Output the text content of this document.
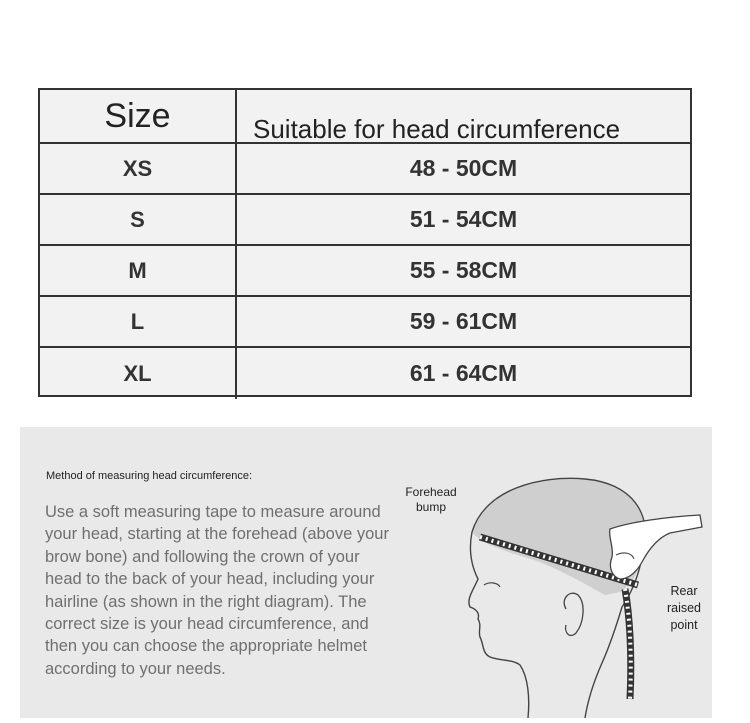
Size	Suitable for head circumference
XS	48 - 50CM
S	51 - 54CM
M	55 - 58CM
L	59 - 61CM
XL	61 - 64CM
Method of measuring head circumference:
Use a soft measuring tape to measure around your head, starting at the forehead (above your brow bone) and following the crown of your head to the back of your head, including your hairline (as shown in the right diagram). The correct size is your head circumference, and then you can choose the appropriate helmet according to your needs.
Forehead bump
Rear raised point
